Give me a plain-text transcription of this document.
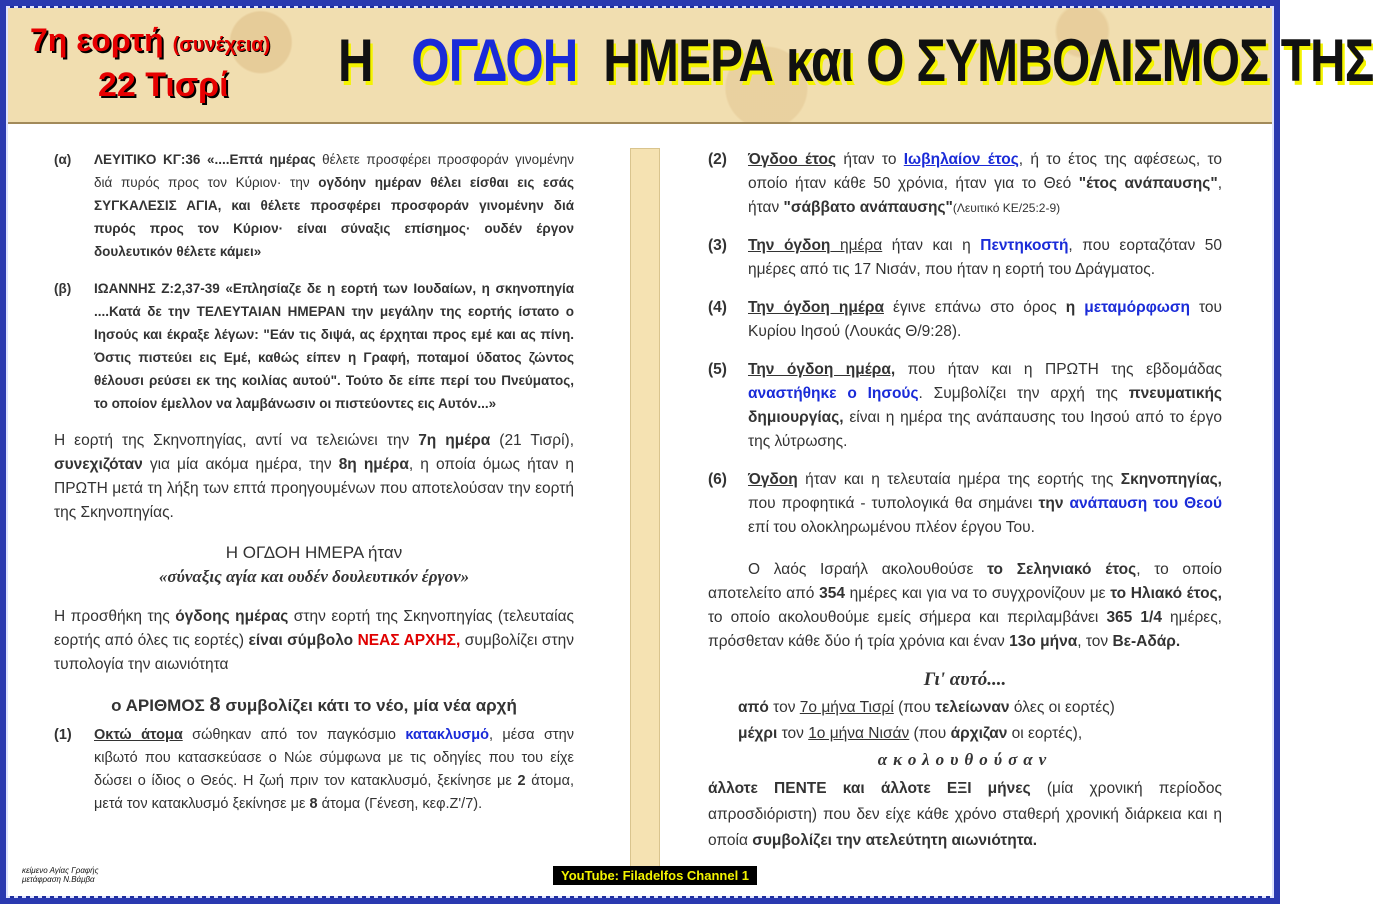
7η εορτή (συνέχεια)
22 Τισρί Η ΟΓΔΟΗ ΗΜΕΡΑ και Ο ΣΥΜΒΟΛΙΣΜΟΣ ΤΗΣ
(α)	ΛΕΥΙΤΙΚΟ ΚΓ:36 «....Επτά ημέρας θέλετε προσφέρει προσφοράν γινομένην διά πυρός προς τον Κύριον· την ογδόην ημέραν θέλει είσθαι εις εσάς ΣΥΓΚΑΛΕΣΙΣ ΑΓΙΑ, και θέλετε προσφέρει προσφοράν γινομένην διά πυρός προς τον Κύριον· είναι σύναξις επίσημος· ουδέν έργον δουλευτικόν θέλετε κάμει»
(β)	ΙΩΑΝΝΗΣ Ζ:2,37-39 «Επλησίαζε δε η εορτή των Ιουδαίων, η σκηνοπηγία ....Κατά δε την ΤΕΛΕΥΤΑΙΑΝ ΗΜΕΡΑΝ την μεγάλην της εορτής ίστατο ο Ιησούς και έκραξε λέγων: "Εάν τις διψά, ας έρχηται προς εμέ και ας πίνη. Όστις πιστεύει εις Εμέ, καθώς είπεν η Γραφή, ποταμοί ύδατος ζώντος θέλουσι ρεύσει εκ της κοιλίας αυτού". Τούτο δε είπε περί του Πνεύματος, το οποίον έμελλον να λαμβάνωσιν οι πιστεύοντες εις Αυτόν...»

Η εορτή της Σκηνοπηγίας, αντί να τελειώνει την 7η ημέρα (21 Τισρί), συνεχιζόταν για μία ακόμα ημέρα, την 8η ημέρα, η οποία όμως ήταν η ΠΡΩΤΗ μετά τη λήξη των επτά προηγουμένων που αποτελούσαν την εορτή της Σκηνοπηγίας.

Η ΟΓΔΟΗ ΗΜΕΡΑ ήταν

«σύναξις αγία και ουδέν δουλευτικόν έργον»

Η προσθήκη της όγδοης ημέρας στην εορτή της Σκηνοπηγίας (τελευταίας εορτής από όλες τις εορτές) είναι σύμβολο ΝΕΑΣ ΑΡΧΗΣ, συμβολίζει στην τυπολογία την αιωνιότητα

ο ΑΡΙΘΜΟΣ 8 συμβολίζει κάτι το νέο, μία νέα αρχή

(1)	Οκτώ άτομα σώθηκαν από τον παγκόσμιο κατακλυσμό, μέσα στην κιβωτό που κατασκεύασε ο Νώε σύμφωνα με τις οδηγίες που του είχε δώσει ο ίδιος ο Θεός. Η ζωή πριν τον κατακλυσμό, ξεκίνησε με 2 άτομα, μετά τον κατακλυσμό ξεκίνησε με 8 άτομα (Γένεση, κεφ.Ζ'/7).
(2)	Όγδοο έτος ήταν το Ιωβηλαίον έτος, ή το έτος της αφέσεως, το οποίο ήταν κάθε 50 χρόνια, ήταν για το Θεό "έτος ανάπαυσης", ήταν "σάββατο ανάπαυσης"(Λευιτικό ΚΕ/25:2-9)
(3)	Την όγδοη ημέρα ήταν και η Πεντηκοστή, που εορταζόταν 50 ημέρες από τις 17 Νισάν, που ήταν η εορτή του Δράγματος.
(4)	Την όγδοη ημέρα έγινε επάνω στο όρος η μεταμόρφωση του Κυρίου Ιησού (Λουκάς Θ/9:28).
(5)	Την όγδοη ημέρα, που ήταν και η ΠΡΩΤΗ της εβδομάδας αναστήθηκε ο Ιησούς. Συμβολίζει την αρχή της πνευματικής δημιουργίας, είναι η ημέρα της ανάπαυσης του Ιησού από το έργο της λύτρωσης.
(6)	Όγδοη ήταν και η τελευταία ημέρα της εορτής της Σκηνοπηγίας, που προφητικά - τυπολογικά θα σημάνει την ανάπαυση του Θεού επί του ολοκληρωμένου πλέον έργου Του.

Ο λαός Ισραήλ ακολουθούσε το Σεληνιακό έτος, το οποίο αποτελείτο από 354 ημέρες και για να το συγχρονίζουν με το Ηλιακό έτος, το οποίο ακολουθούμε εμείς σήμερα και περιλαμβάνει 365 1/4 ημέρες, πρόσθεταν κάθε δύο ή τρία χρόνια και έναν 13ο μήνα, τον Βε-Αδάρ.

Γι' αυτό....

από τον 7ο μήνα Τισρί (που τελείωναν όλες οι εορτές)

μέχρι τον 1ο μήνα Νισάν (που άρχιζαν οι εορτές),

ακολουθούσαν

άλλοτε ΠΕΝΤΕ και άλλοτε ΕΞΙ μήνες (μία χρονική περίοδος απροσδιόριστη) που δεν είχε κάθε χρόνο σταθερή χρονική διάρκεια και η οποία συμβολίζει την ατελεύτητη αιωνιότητα.

κείμενο Αγίας Γραφής
μετάφραση Ν.Βάμβα	YouTube: Filadelfos Channel 1
